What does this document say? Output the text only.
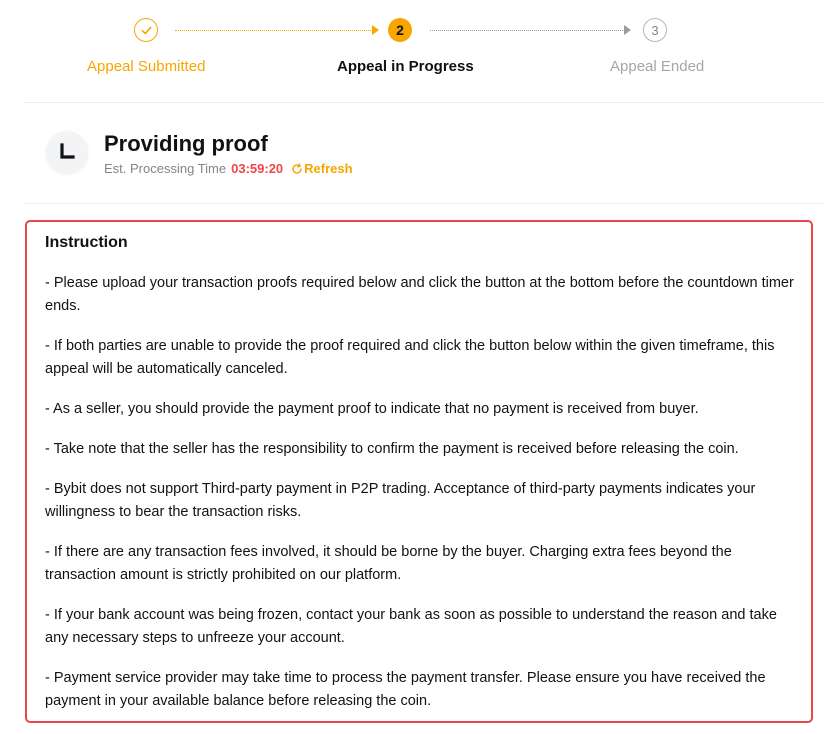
2	3
Appeal Submitted	Appeal in Progress	Appeal Ended
Providing proof
Est. Processing Time 03:59:20 Refresh
Instruction
- Please upload your transaction proofs required below and click the button at the bottom before the countdown timer ends.
- If both parties are unable to provide the proof required and click the button below within the given timeframe, this appeal will be automatically canceled.
- As a seller, you should provide the payment proof to indicate that no payment is received from buyer.
- Take note that the seller has the responsibility to confirm the payment is received before releasing the coin.
- Bybit does not support Third-party payment in P2P trading. Acceptance of third-party payments indicates your willingness to bear the transaction risks.
- If there are any transaction fees involved, it should be borne by the buyer. Charging extra fees beyond the transaction amount is strictly prohibited on our platform.
- If your bank account was being frozen, contact your bank as soon as possible to understand the reason and take any necessary steps to unfreeze your account.
- Payment service provider may take time to process the payment transfer. Please ensure you have received the payment in your available balance before releasing the coin.
